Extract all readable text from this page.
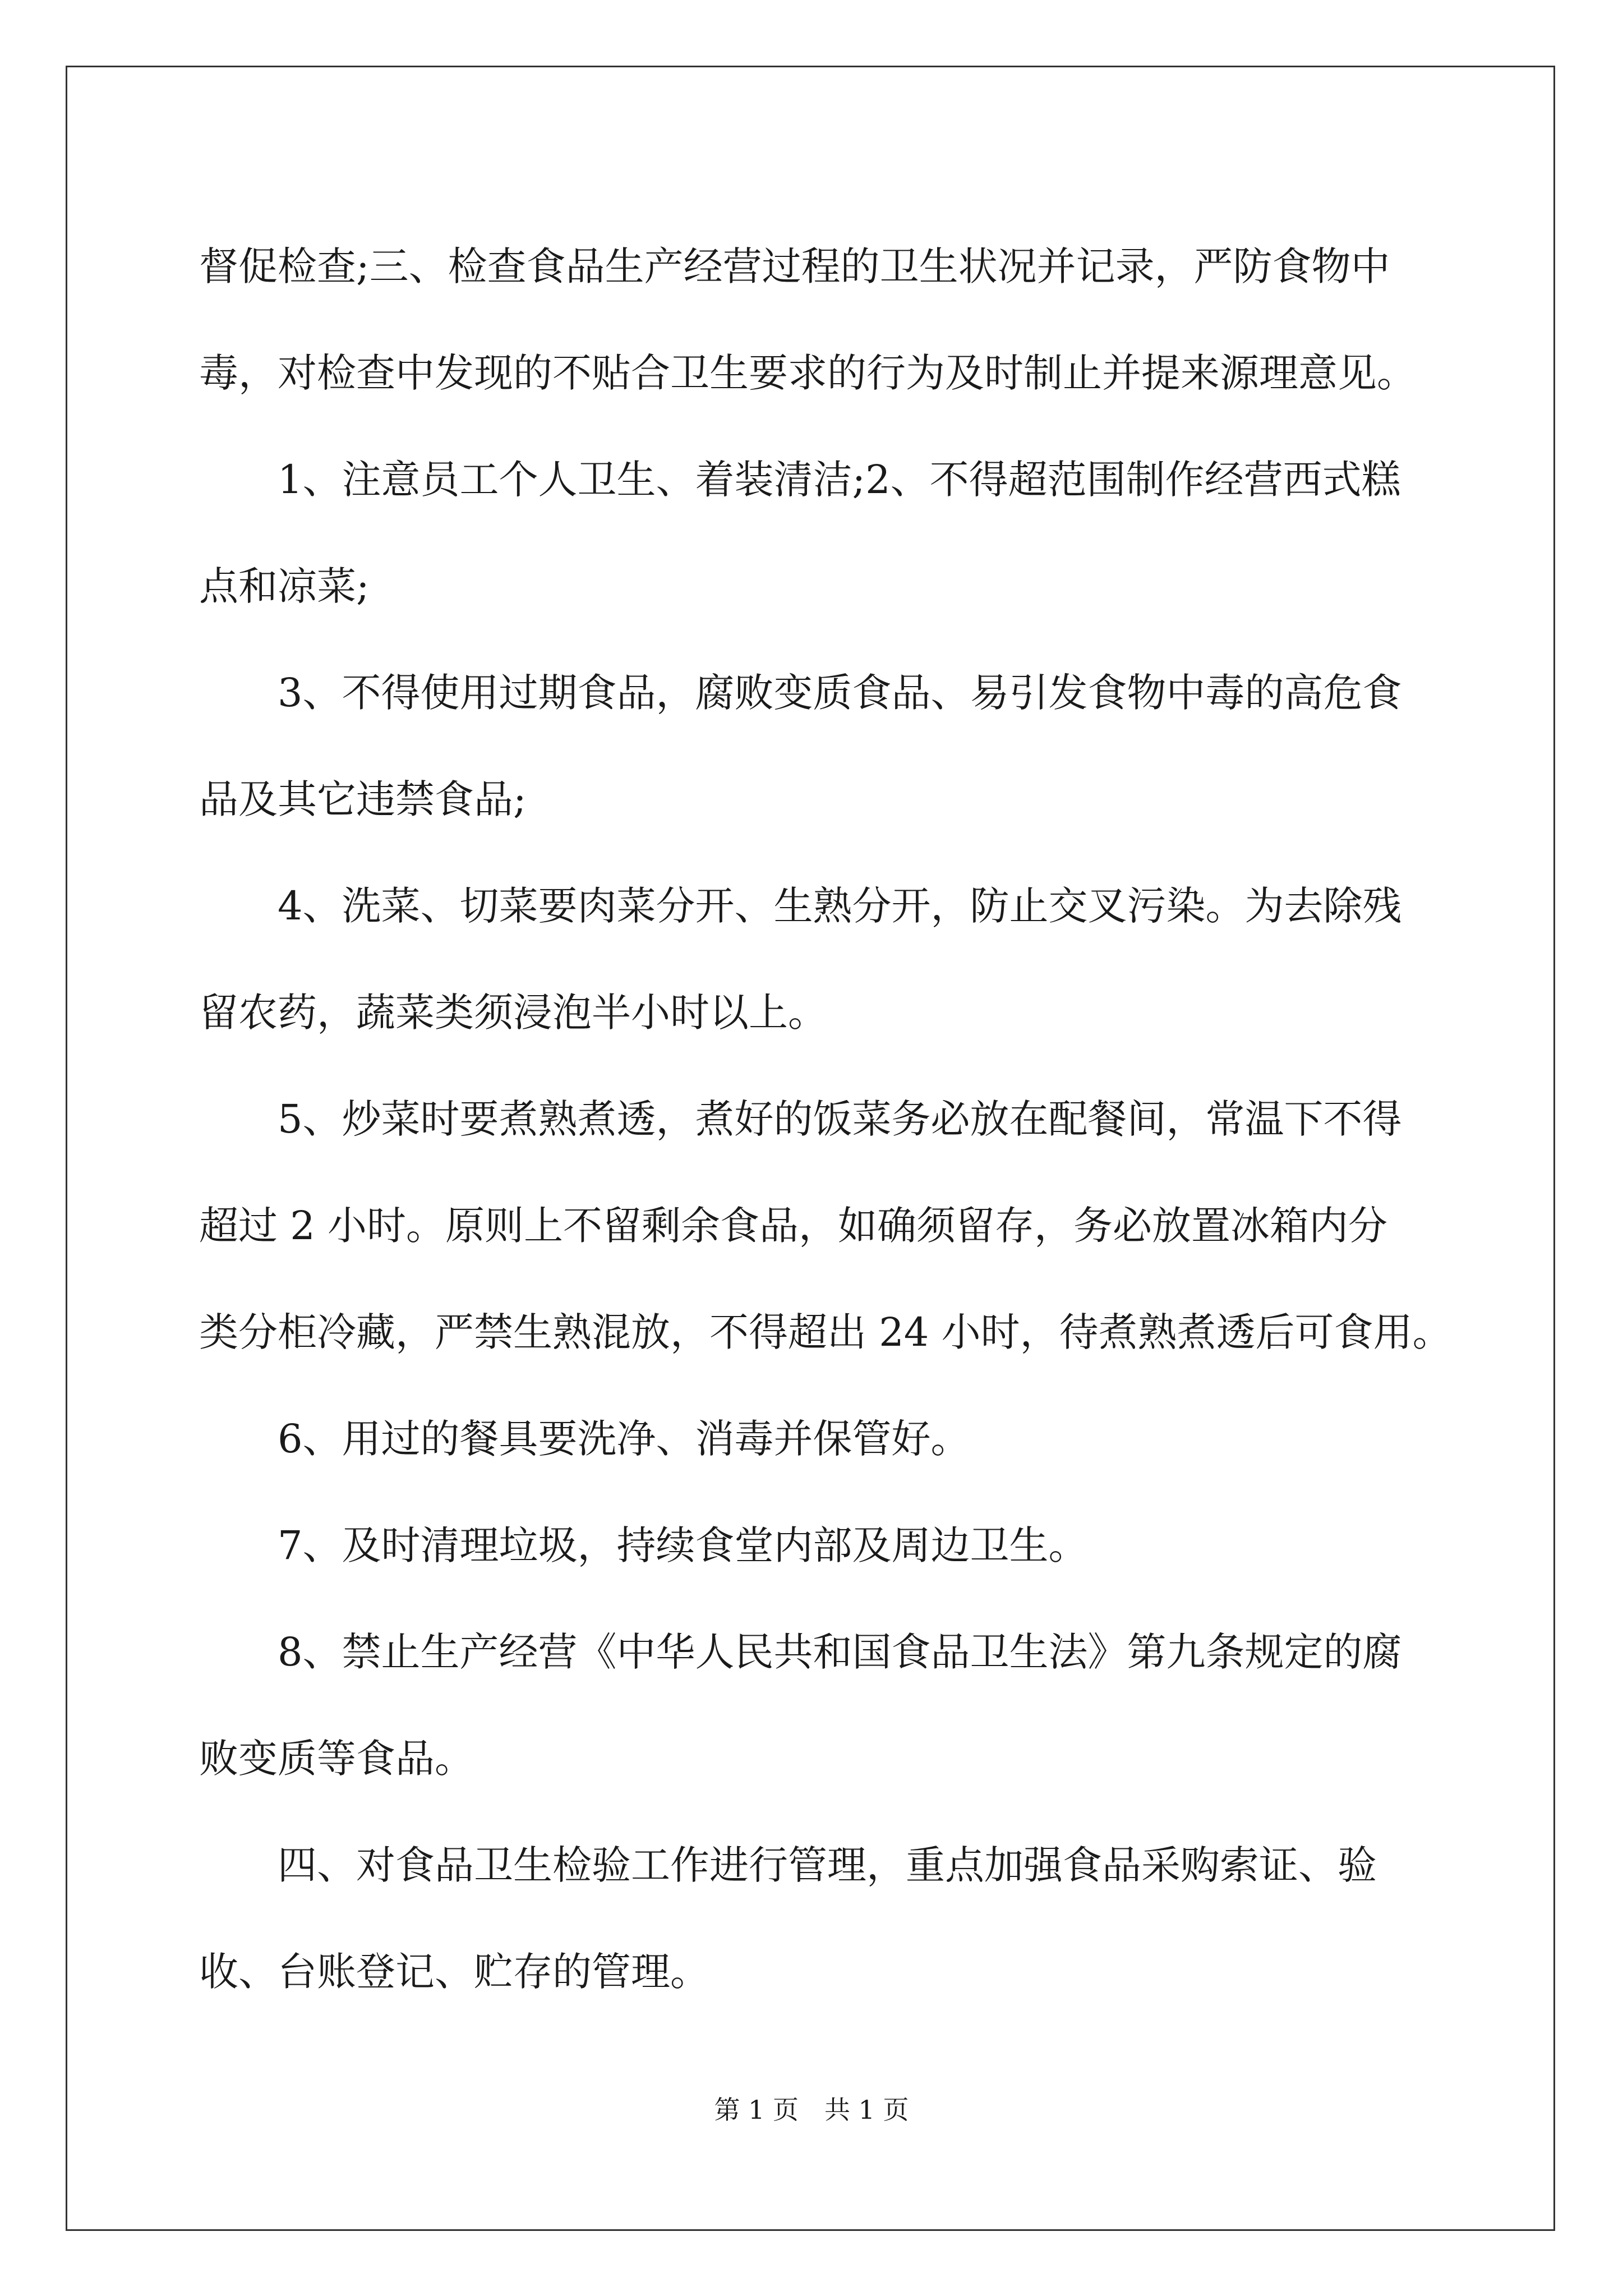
督促检查;三、检查食品生产经营过程的卫生状况并记录，严防食物中
毒，对检查中发现的不贴合卫生要求的行为及时制止并提来源理意见。
1、注意员工个人卫生、着装清洁;2、不得超范围制作经营西式糕
点和凉菜;
3、不得使用过期食品，腐败变质食品、易引发食物中毒的高危食
品及其它违禁食品;
4、洗菜、切菜要肉菜分开、生熟分开，防止交叉污染。为去除残
留农药，蔬菜类须浸泡半小时以上。
5、炒菜时要煮熟煮透，煮好的饭菜务必放在配餐间，常温下不得
超过 2 小时。原则上不留剩余食品，如确须留存，务必放置冰箱内分
类分柜冷藏，严禁生熟混放，不得超出 24 小时，待煮熟煮透后可食用。
6、用过的餐具要洗净、消毒并保管好。
7、及时清理垃圾，持续食堂内部及周边卫生。
8、禁止生产经营《中华人民共和国食品卫生法》第九条规定的腐
败变质等食品。
四、对食品卫生检验工作进行管理，重点加强食品采购索证、验
收、台账登记、贮存的管理。
第 1 页　共 1 页
